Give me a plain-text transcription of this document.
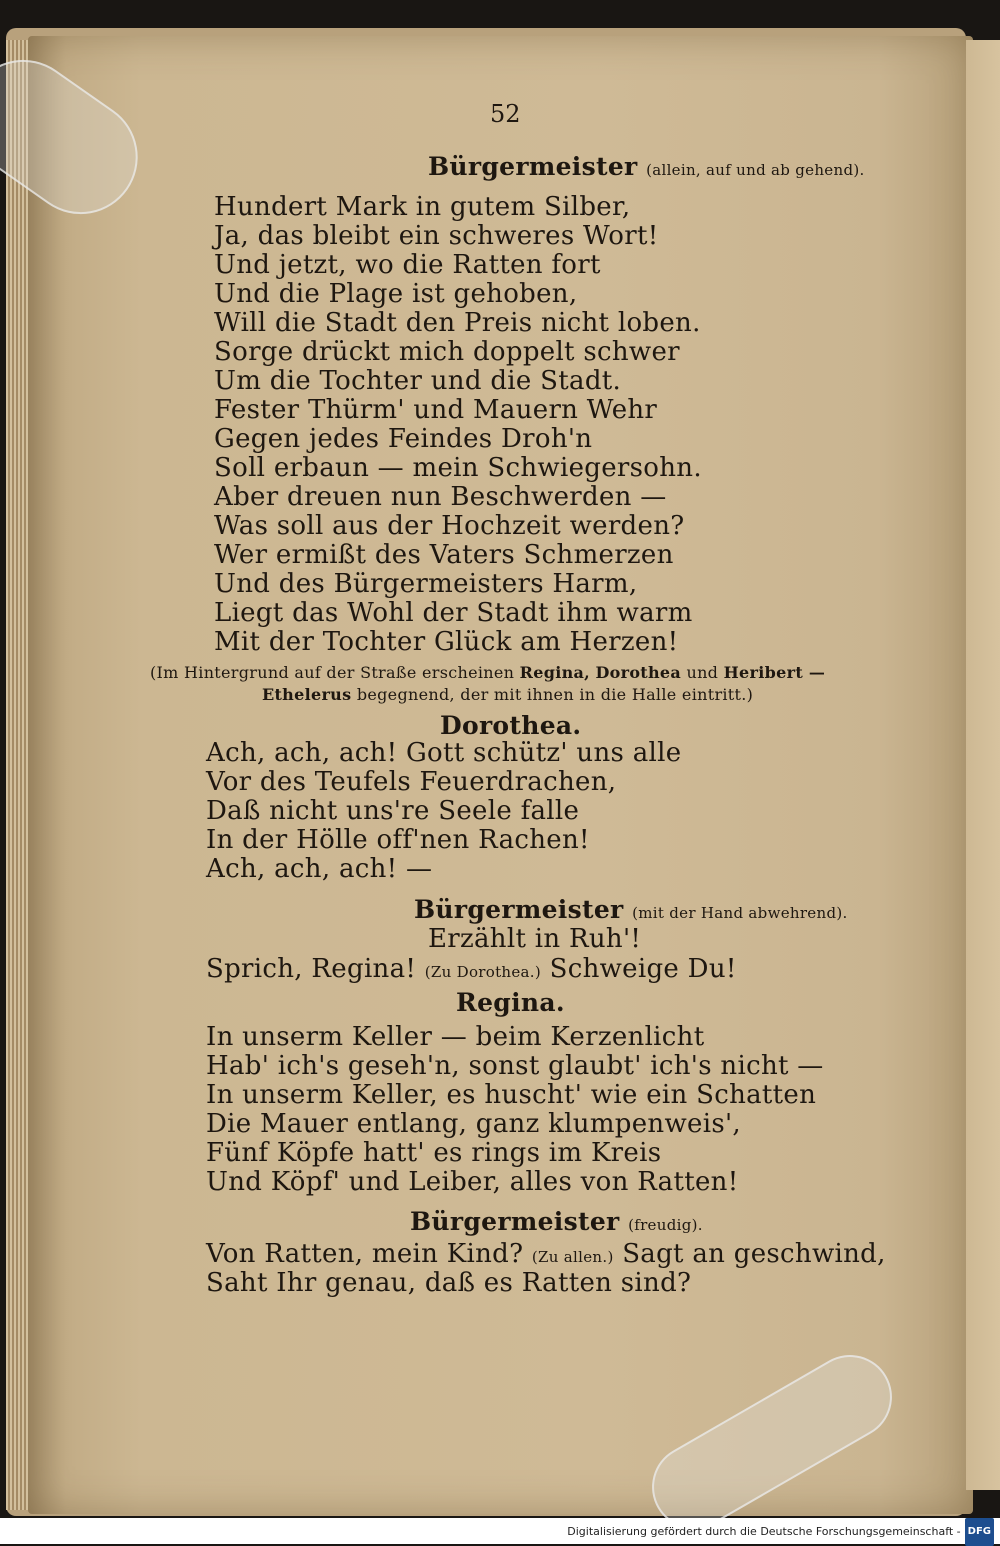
52
Bürgermeister (allein, auf und ab gehend).
Hundert Mark in gutem Silber,
Ja, das bleibt ein schweres Wort!
Und jetzt, wo die Ratten fort
Und die Plage ist gehoben,
Will die Stadt den Preis nicht loben.
Sorge drückt mich doppelt schwer
Um die Tochter und die Stadt.
Fester Thürm' und Mauern Wehr
Gegen jedes Feindes Droh'n
Soll erbaun — mein Schwiegersohn.
Aber dreuen nun Beschwerden —
Was soll aus der Hochzeit werden?
Wer ermißt des Vaters Schmerzen
Und des Bürgermeisters Harm,
Liegt das Wohl der Stadt ihm warm
Mit der Tochter Glück am Herzen!
(Im Hintergrund auf der Straße erscheinen Regina, Dorothea und Heribert —
Ethelerus begegnend, der mit ihnen in die Halle eintritt.)
Dorothea.
Ach, ach, ach! Gott schütz' uns alle
Vor des Teufels Feuerdrachen,
Daß nicht uns're Seele falle
In der Hölle off'nen Rachen!
Ach, ach, ach! —
Bürgermeister (mit der Hand abwehrend).
Erzählt in Ruh'!
Sprich, Regina! (Zu Dorothea.) Schweige Du!
Regina.
In unserm Keller — beim Kerzenlicht
Hab' ich's geseh'n, sonst glaubt' ich's nicht —
In unserm Keller, es huscht' wie ein Schatten
Die Mauer entlang, ganz klumpenweis',
Fünf Köpfe hatt' es rings im Kreis
Und Köpf' und Leiber, alles von Ratten!
Bürgermeister (freudig).
Von Ratten, mein Kind? (Zu allen.) Sagt an geschwind,
Saht Ihr genau, daß es Ratten sind?
Digitalisierung gefördert durch die Deutsche Forschungsgemeinschaft - DFG
